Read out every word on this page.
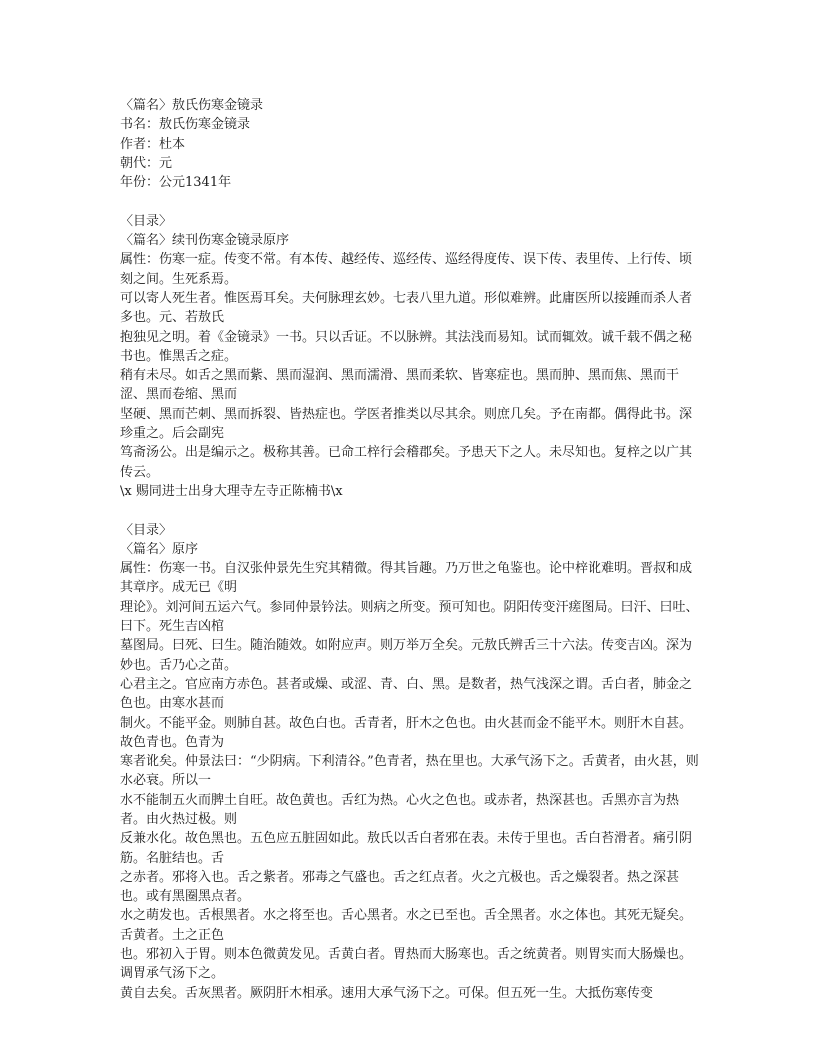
〈篇名〉敖氏伤寒金镜录

书名：敖氏伤寒金镜录

作者：杜本

朝代：元

年份：公元1341年

〈目录〉

〈篇名〉续刊伤寒金镜录原序

属性：伤寒一症。传变不常。有本传、越经传、巡经传、巡经得度传、误下传、表里传、上行传、顷刻之间。生死系焉。

可以寄人死生者。惟医焉耳矣。夫何脉理玄妙。七表八里九道。形似难辨。此庸医所以接踵而杀人者多也。元、若敖氏

抱独见之明。着《金镜录》一书。只以舌证。不以脉辨。其法浅而易知。试而辄效。诚千载不偶之秘书也。惟黑舌之症。

稍有未尽。如舌之黑而紫、黑而湿润、黑而濡滑、黑而柔软、皆寒症也。黑而肿、黑而焦、黑而干涩、黑而卷缩、黑而

坚硬、黑而芒刺、黑而拆裂、皆热症也。学医者推类以尽其余。则庶几矣。予在南都。偶得此书。深珍重之。后会副宪

笃斋汤公。出是编示之。极称其善。已命工梓行会稽郡矣。予患天下之人。未尽知也。复梓之以广其传云。

\x 赐同进士出身大理寺左寺正陈楠书\x

〈目录〉

〈篇名〉原序

属性：伤寒一书。自汉张仲景先生究其精微。得其旨趣。乃万世之龟鉴也。论中梓讹难明。晋叔和成其章序。成无已《明

理论》。刘河间五运六气。参同仲景钤法。则病之所变。预可知也。阴阳传变汗瘥图局。曰汗、曰吐、曰下。死生吉凶棺

墓图局。曰死、曰生。随治随效。如附应声。则万举万全矣。元敖氏辨舌三十六法。传变吉凶。深为妙也。舌乃心之苗。

心君主之。官应南方赤色。甚者或燥、或涩、青、白、黑。是数者，热气浅深之谓。舌白者，肺金之色也。由寒水甚而

制火。不能平金。则肺自甚。故色白也。舌青者，肝木之色也。由火甚而金不能平木。则肝木自甚。故色青也。色青为

寒者讹矣。仲景法曰：“少阴病。下利清谷。”色青者，热在里也。大承气汤下之。舌黄者，由火甚，则水必衰。所以一

水不能制五火而脾土自旺。故色黄也。舌红为热。心火之色也。或赤者，热深甚也。舌黑亦言为热者。由火热过极。则

反兼水化。故色黑也。五色应五脏固如此。敖氏以舌白者邪在表。未传于里也。舌白苔滑者。痛引阴筋。名脏结也。舌

之赤者。邪将入也。舌之紫者。邪毒之气盛也。舌之红点者。火之亢极也。舌之燥裂者。热之深甚也。或有黑圈黑点者。

水之萌发也。舌根黑者。水之将至也。舌心黑者。水之已至也。舌全黑者。水之体也。其死无疑矣。舌黄者。土之正色

也。邪初入于胃。则本色微黄发见。舌黄白者。胃热而大肠寒也。舌之统黄者。则胃实而大肠燥也。调胃承气汤下之。

黄自去矣。舌灰黑者。厥阴肝木相承。速用大承气汤下之。可保。但五死一生。大抵伤寒传变
